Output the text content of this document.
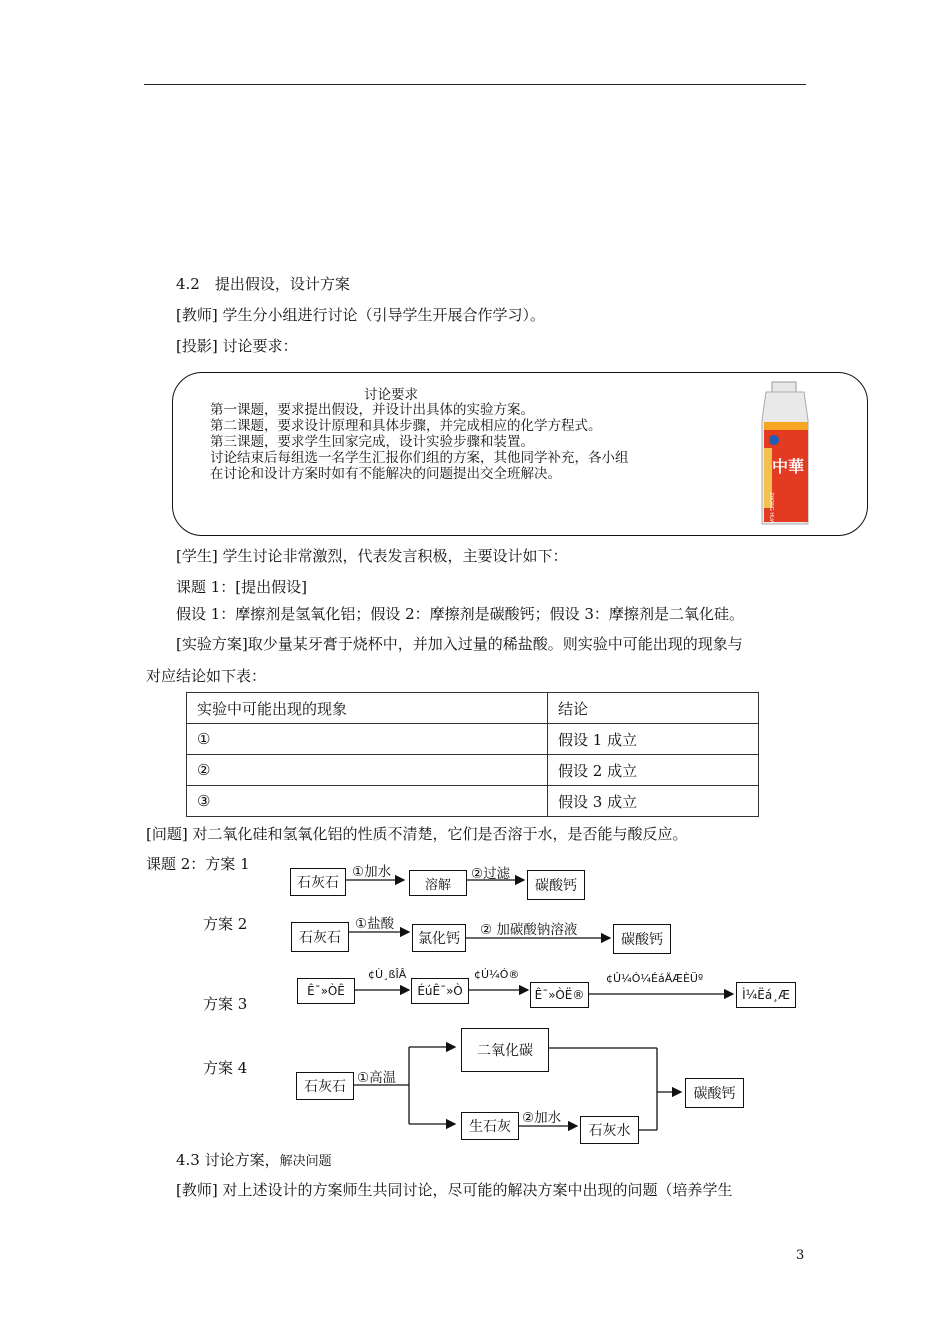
4.2　提出假设，设计方案
[教师] 学生分小组进行讨论（引导学生开展合作学习）。
[投影] 讨论要求：
讨论要求
第一课题，要求提出假设，并设计出具体的实验方案。
第二课题，要求设计原理和具体步骤，并完成相应的化学方程式。
第三课题，要求学生回家完成，设计实验步骤和装置。
讨论结束后每组选一名学生汇报你们组的方案，其他同学补充，各小组
在讨论和设计方案时如有不能解决的问题提出交全班解决。	中華
ZHONG HUA
[学生] 学生讨论非常激烈，代表发言积极，主要设计如下：
课题 1：[提出假设]
假设 1：摩擦剂是氢氧化铝；假设 2：摩擦剂是碳酸钙；假设 3：摩擦剂是二氧化硅。
[实验方案]取少量某牙膏于烧杯中，并加入过量的稀盐酸。则实验中可能出现的现象与
对应结论如下表：
实验中可能出现的现象	结论
①	假设 1 成立
②	假设 2 成立
③	假设 3 成立
[问题] 对二氧化硅和氢氧化铝的性质不清楚，它们是否溶于水，是否能与酸反应。
课题 2：方案 1
方案 2
方案 3
方案 4
石灰石
①加水
溶解
②过滤
碳酸钙
石灰石
①盐酸
氯化钙
② 加碳酸钠溶液
碳酸钙
Ê¯»ÒÊ
¢Ù¸ßÎÂ
ÉúÊ¯»Ò
¢Ú¼Ó®
Ê¯»ÒË®
¢Û¼Ó¼ÉáÄÆÈÜº
Ì¼Ëá¸Æ
石灰石
①高温
二氧化碳
生石灰
②加水
石灰水
碳酸钙
4.3 讨论方案，解决问题
[教师] 对上述设计的方案师生共同讨论，尽可能的解决方案中出现的问题（培养学生
3
